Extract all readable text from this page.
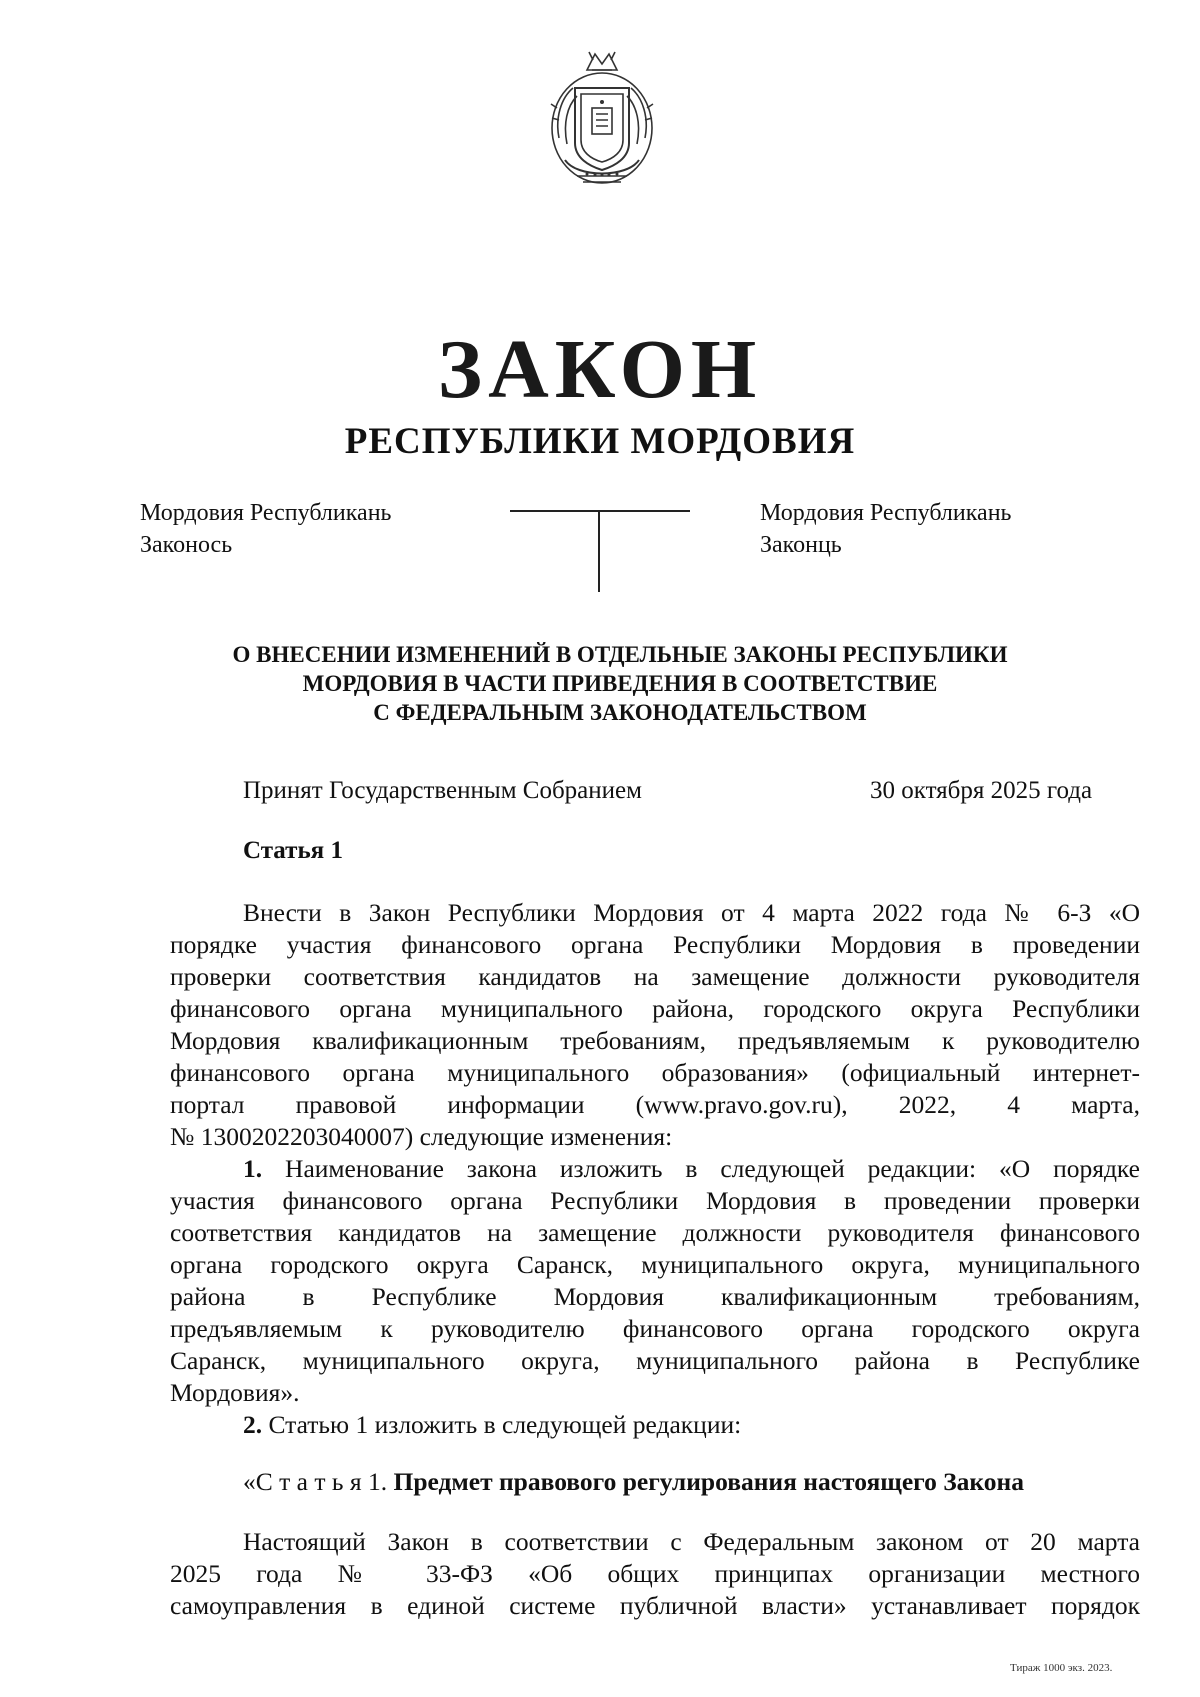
ЗАКОН
РЕСПУБЛИКИ МОРДОВИЯ
Мордовия Республикань
Законось
Мордовия Республикань
Законць
О ВНЕСЕНИИ ИЗМЕНЕНИЙ В ОТДЕЛЬНЫЕ ЗАКОНЫ РЕСПУБЛИКИ
МОРДОВИЯ В ЧАСТИ ПРИВЕДЕНИЯ В СООТВЕТСТВИЕ
С ФЕДЕРАЛЬНЫМ ЗАКОНОДАТЕЛЬСТВОМ
Принят Государственным Собранием	30 октября 2025 года
Статья 1
Внести в Закон Республики Мордовия от 4 марта 2022 года № 6-З «О
порядке участия финансового органа Республики Мордовия в проведении
проверки соответствия кандидатов на замещение должности руководителя
финансового органа муниципального района, городского округа Республики
Мордовия квалификационным требованиям, предъявляемым к руководителю
финансового органа муниципального образования» (официальный интернет-
портал правовой информации (www.pravo.gov.ru), 2022, 4 марта,
№ 1300202203040007) следующие изменения:
1. Наименование закона изложить в следующей редакции: «О порядке
участия финансового органа Республики Мордовия в проведении проверки
соответствия кандидатов на замещение должности руководителя финансового
органа городского округа Саранск, муниципального округа, муниципального
района в Республике Мордовия квалификационным требованиям,
предъявляемым к руководителю финансового органа городского округа
Саранск, муниципального округа, муниципального района в Республике
Мордовия».
2. Статью 1 изложить в следующей редакции:
«С т а т ь я 1. Предмет правового регулирования настоящего Закона
Настоящий Закон в соответствии с Федеральным законом от 20 марта
2025 года № 33-ФЗ «Об общих принципах организации местного
самоуправления в единой системе публичной власти» устанавливает порядок
Тираж 1000 экз. 2023.
